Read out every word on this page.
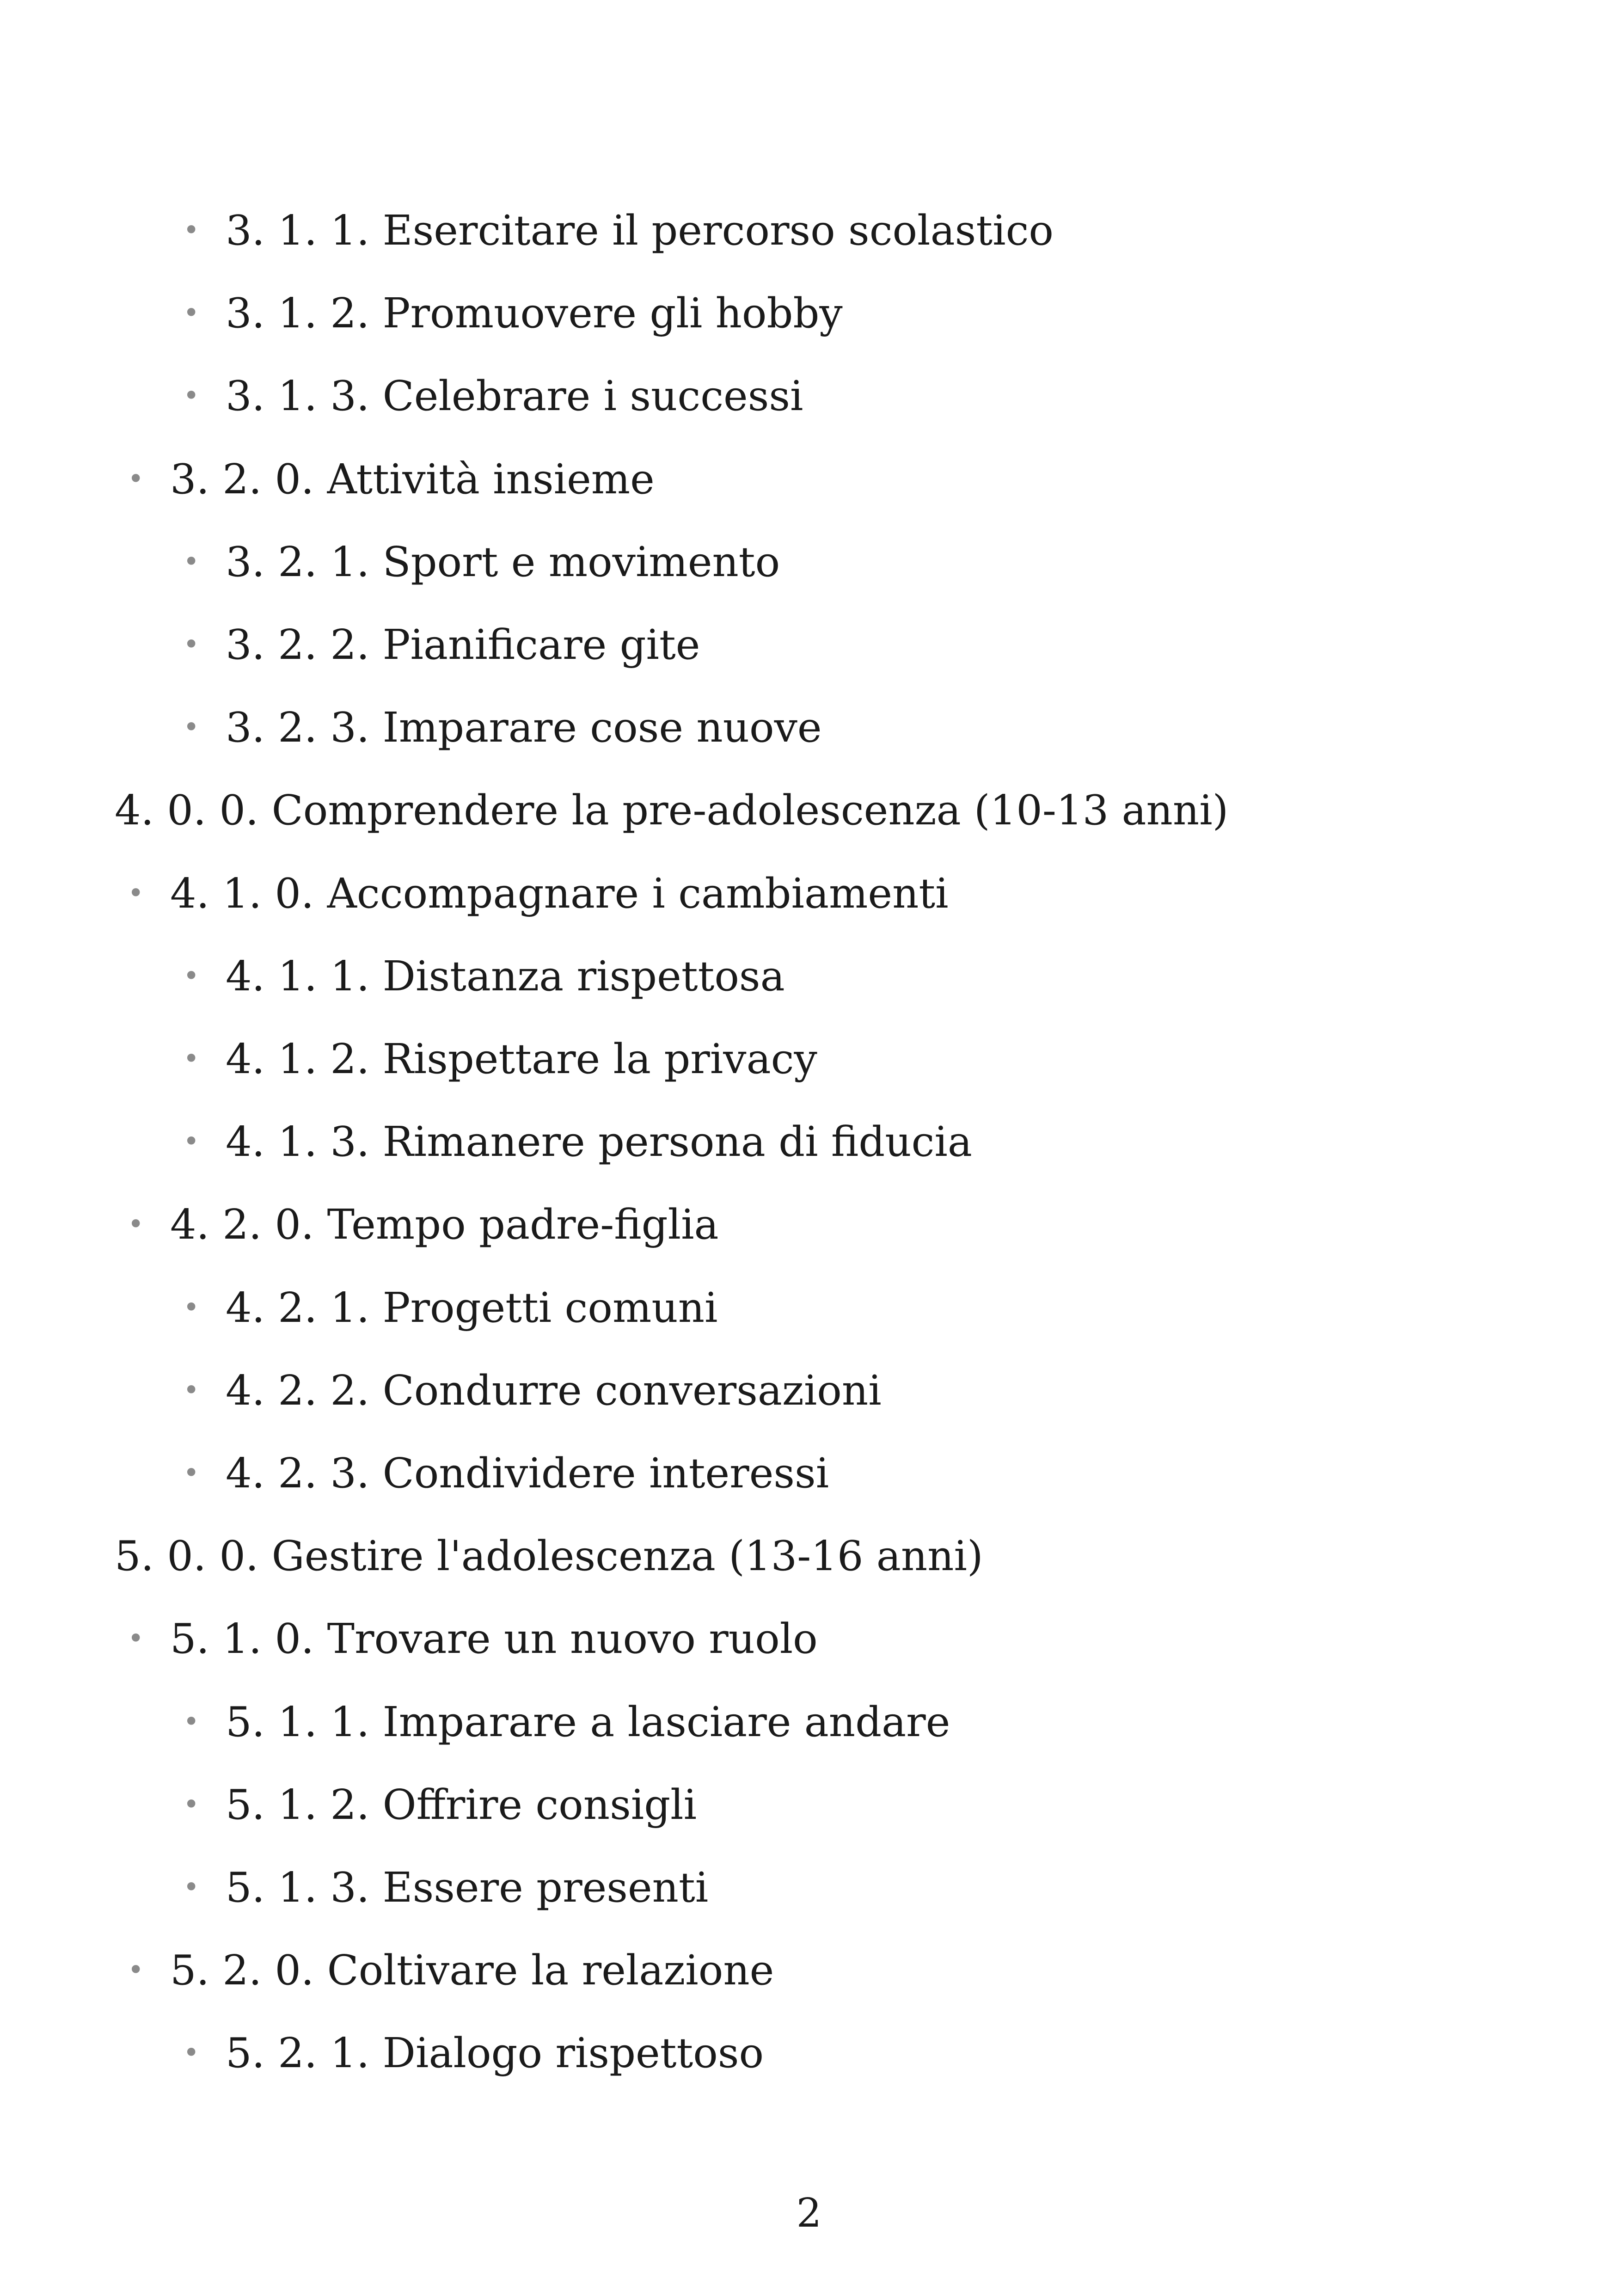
• 3. 1. 1. Esercitare il percorso scolastico
• 3. 1. 2. Promuovere gli hobby
• 3. 1. 3. Celebrare i successi
• 3. 2. 0. Attività insieme
• 3. 2. 1. Sport e movimento
• 3. 2. 2. Pianificare gite
• 3. 2. 3. Imparare cose nuove
4. 0. 0. Comprendere la pre-adolescenza (10-13 anni)
• 4. 1. 0. Accompagnare i cambiamenti
• 4. 1. 1. Distanza rispettosa
• 4. 1. 2. Rispettare la privacy
• 4. 1. 3. Rimanere persona di fiducia
• 4. 2. 0. Tempo padre-figlia
• 4. 2. 1. Progetti comuni
• 4. 2. 2. Condurre conversazioni
• 4. 2. 3. Condividere interessi
5. 0. 0. Gestire l'adolescenza (13-16 anni)
• 5. 1. 0. Trovare un nuovo ruolo
• 5. 1. 1. Imparare a lasciare andare
• 5. 1. 2. Offrire consigli
• 5. 1. 3. Essere presenti
• 5. 2. 0. Coltivare la relazione
• 5. 2. 1. Dialogo rispettoso
2
